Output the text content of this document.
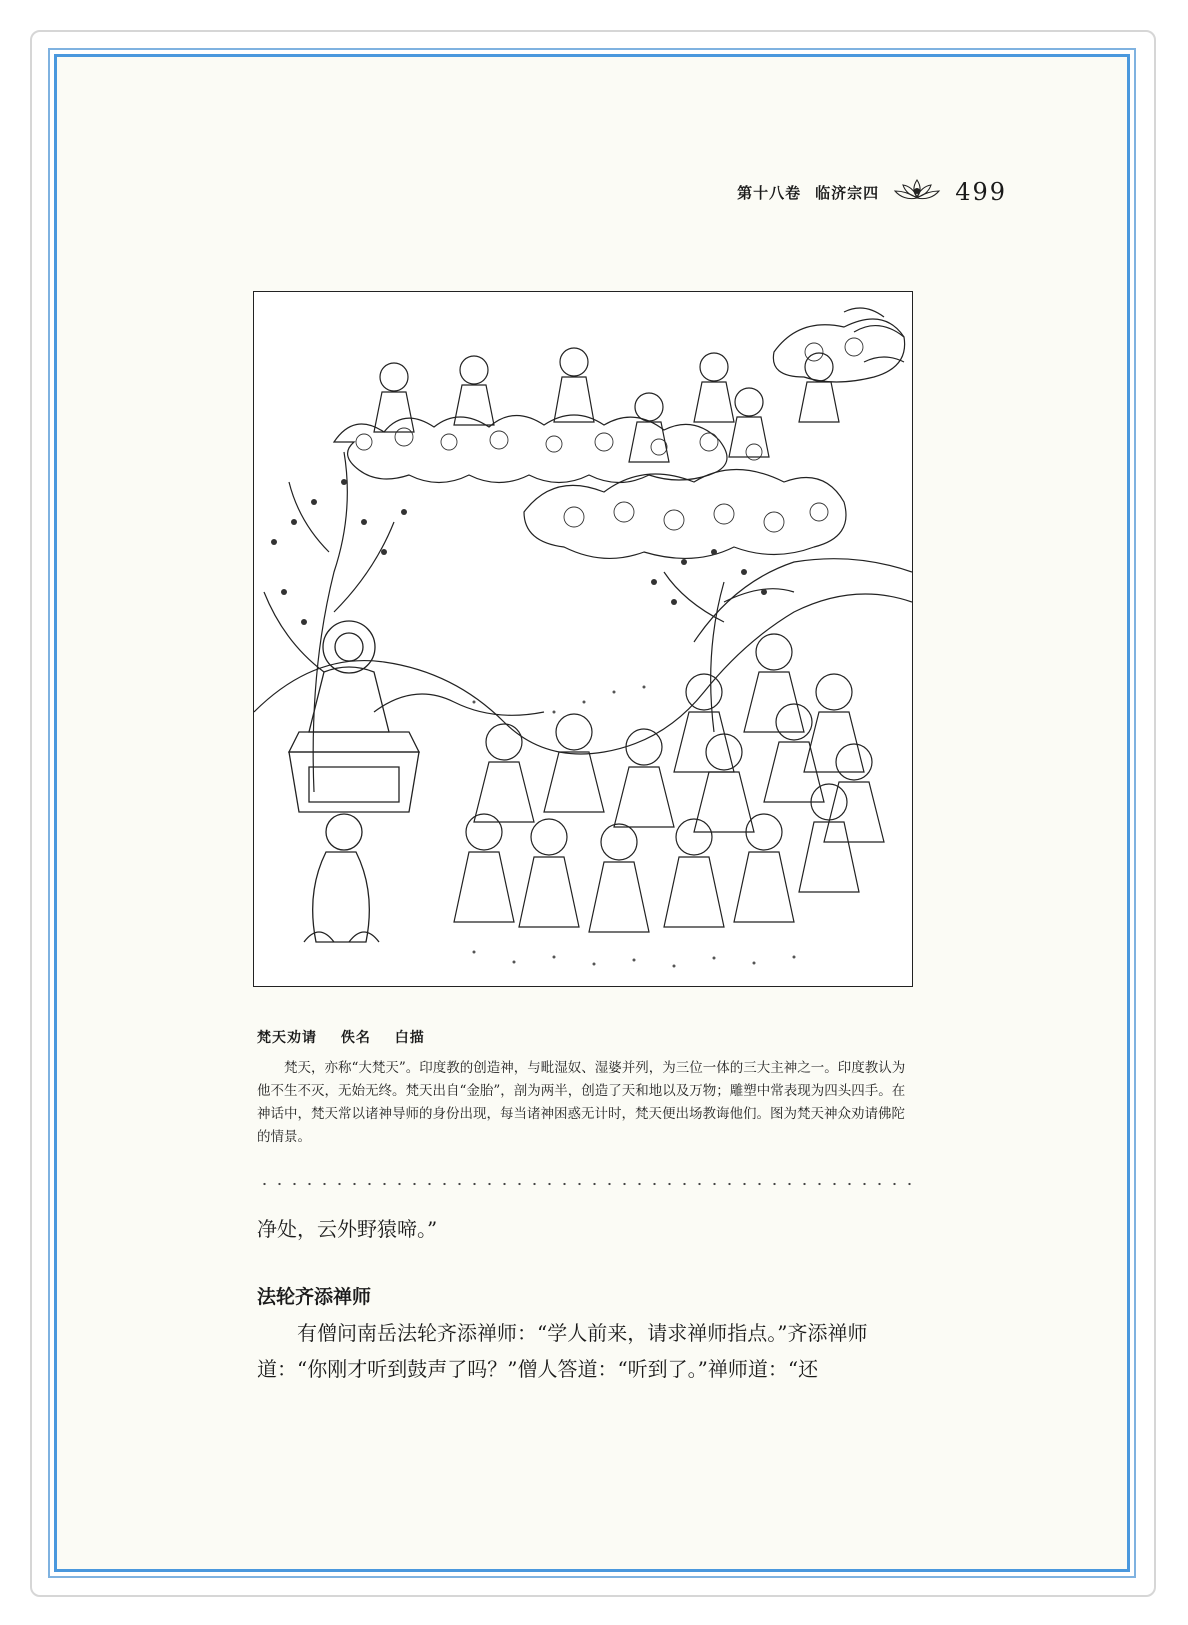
第十八卷 临济宗四	499
梵天劝请 佚名 白描
梵天，亦称“大梵天”。印度教的创造神，与毗湿奴、湿婆并列，为三位一体的三大主神之一。印度教认为他不生不灭，无始无终。梵天出自“金胎”，剖为两半，创造了天和地以及万物；雕塑中常表现为四头四手。在神话中，梵天常以诸神导师的身份出现，每当诸神困惑无计时，梵天便出场教诲他们。图为梵天神众劝请佛陀的情景。
净处，云外野猿啼。”
法轮齐添禅师
有僧问南岳法轮齐添禅师：“学人前来，请求禅师指点。”齐添禅师道：“你刚才听到鼓声了吗？”僧人答道：“听到了。”禅师道：“还
